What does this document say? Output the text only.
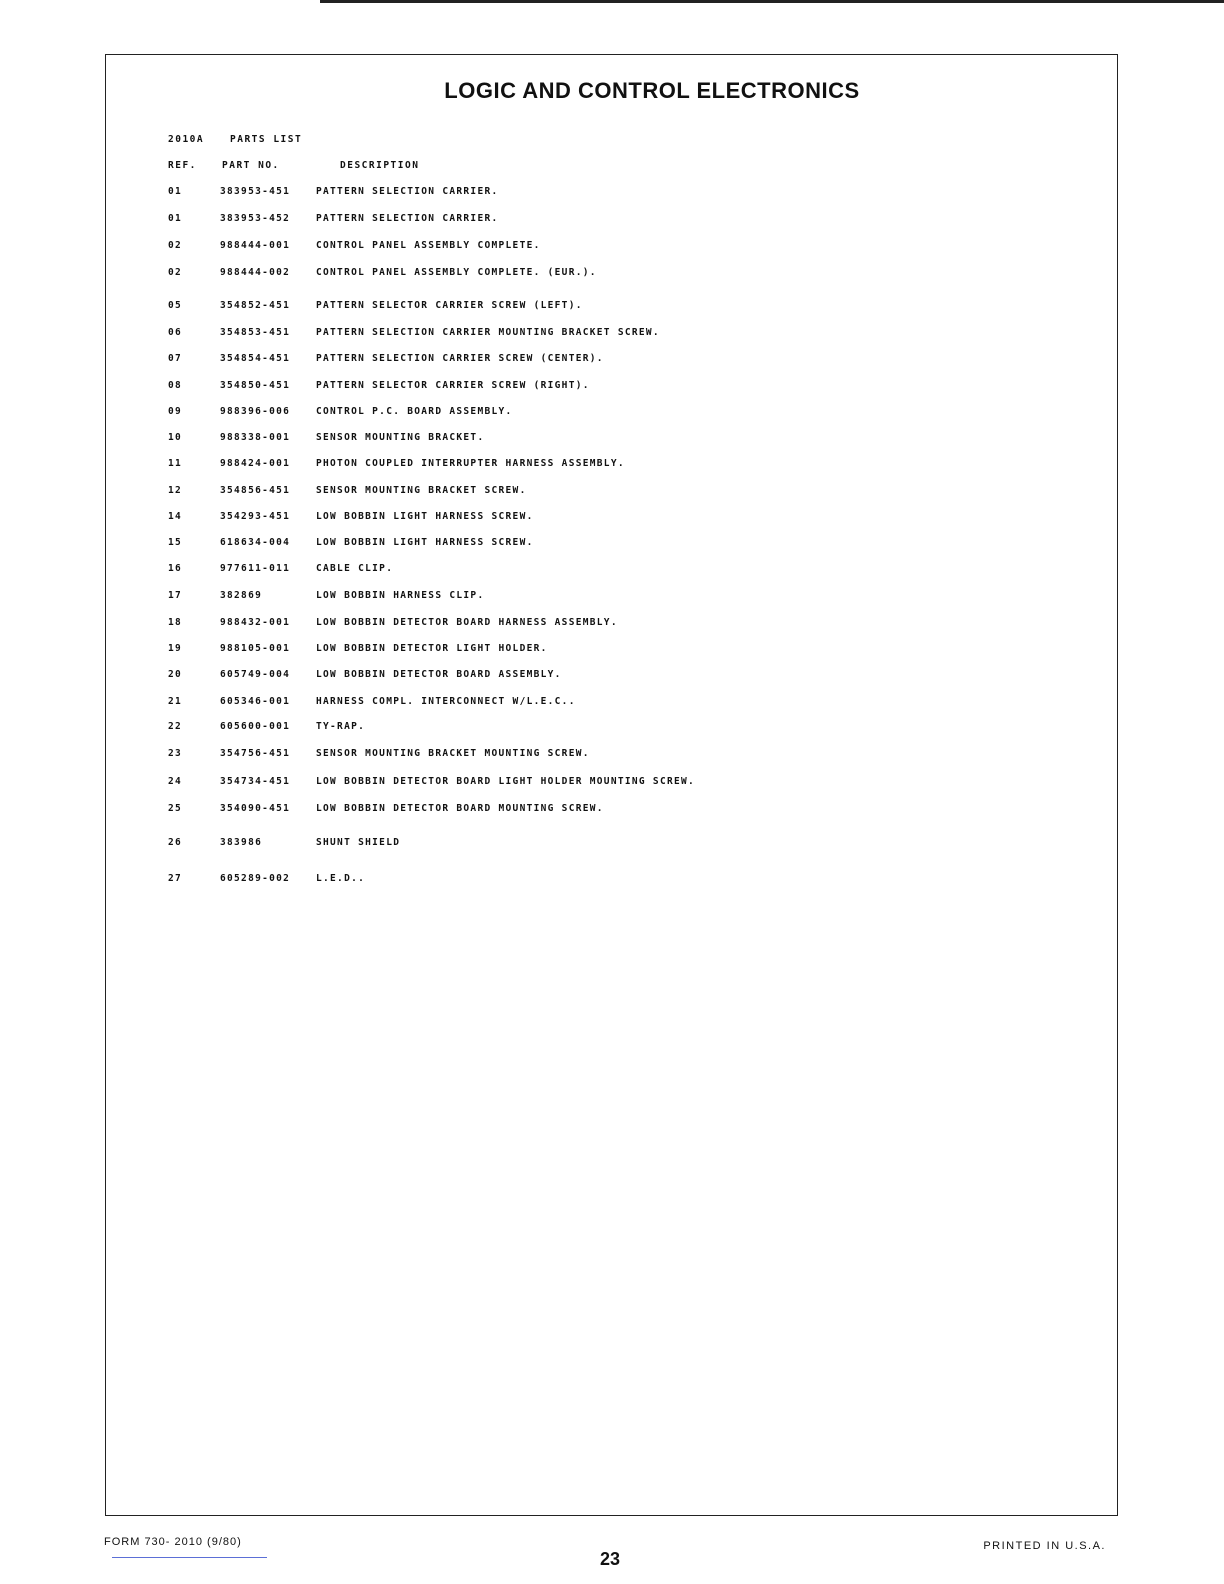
LOGIC AND CONTROL ELECTRONICS
2010A	PARTS LIST
REF.	PART NO.	DESCRIPTION
01	383953-451	PATTERN SELECTION CARRIER.
01	383953-452	PATTERN SELECTION CARRIER.
02	988444-001	CONTROL PANEL ASSEMBLY COMPLETE.
02	988444-002	CONTROL PANEL ASSEMBLY COMPLETE. (EUR.).
05	354852-451	PATTERN SELECTOR CARRIER SCREW (LEFT).
06	354853-451	PATTERN SELECTION CARRIER MOUNTING BRACKET SCREW.
07	354854-451	PATTERN SELECTION CARRIER SCREW (CENTER).
08	354850-451	PATTERN SELECTOR CARRIER SCREW (RIGHT).
09	988396-006	CONTROL P.C. BOARD ASSEMBLY.
10	988338-001	SENSOR MOUNTING BRACKET.
11	988424-001	PHOTON COUPLED INTERRUPTER HARNESS ASSEMBLY.
12	354856-451	SENSOR MOUNTING BRACKET SCREW.
14	354293-451	LOW BOBBIN LIGHT HARNESS SCREW.
15	618634-004	LOW BOBBIN LIGHT HARNESS SCREW.
16	977611-011	CABLE CLIP.
17	382869	LOW BOBBIN HARNESS CLIP.
18	988432-001	LOW BOBBIN DETECTOR BOARD HARNESS ASSEMBLY.
19	988105-001	LOW BOBBIN DETECTOR LIGHT HOLDER.
20	605749-004	LOW BOBBIN DETECTOR BOARD ASSEMBLY.
21	605346-001	HARNESS COMPL. INTERCONNECT W/L.E.C..
22	605600-001	TY-RAP.
23	354756-451	SENSOR MOUNTING BRACKET MOUNTING SCREW.
24	354734-451	LOW BOBBIN DETECTOR BOARD LIGHT HOLDER MOUNTING SCREW.
25	354090-451	LOW BOBBIN DETECTOR BOARD MOUNTING SCREW.
26	383986	SHUNT SHIELD
27	605289-002	L.E.D..
FORM 730- 2010 (9/80)
23
PRINTED IN U.S.A.
